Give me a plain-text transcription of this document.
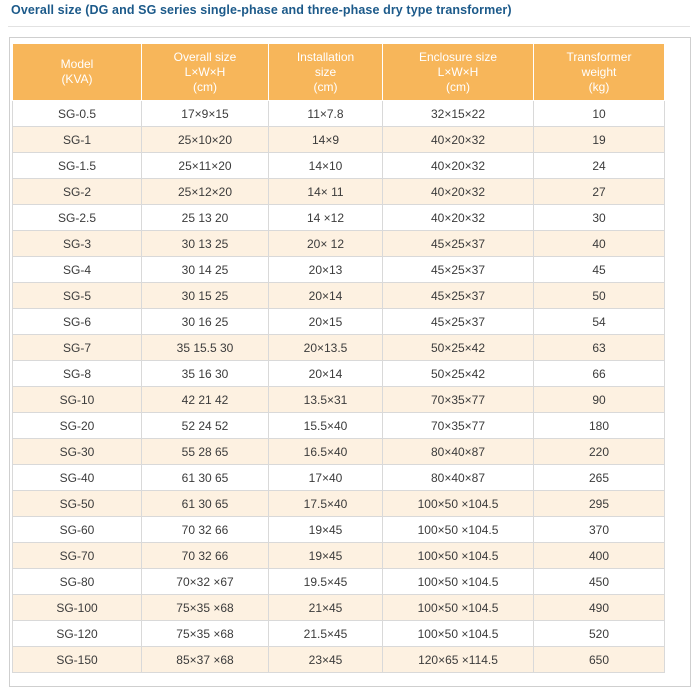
Overall size (DG and SG series single-phase and three-phase dry type transformer)
Model
(KVA)	Overall size
L×W×H
(cm)	Installation
size
(cm)	Enclosure size
L×W×H
(cm)	Transformer
weight
(kg)

SG-0.5	17×9×15	11×7.8	32×15×22	10
SG-1	25×10×20	14×9	40×20×32	19
SG-1.5	25×11×20	14×10	40×20×32	24
SG-2	25×12×20	14× 11	40×20×32	27
SG-2.5	25 13 20	14 ×12	40×20×32	30
SG-3	30 13 25	20× 12	45×25×37	40
SG-4	30 14 25	20×13	45×25×37	45
SG-5	30 15 25	20×14	45×25×37	50
SG-6	30 16 25	20×15	45×25×37	54
SG-7	35 15.5 30	20×13.5	50×25×42	63
SG-8	35 16 30	20×14	50×25×42	66
SG-10	42 21 42	13.5×31	70×35×77	90
SG-20	52 24 52	15.5×40	70×35×77	180
SG-30	55 28 65	16.5×40	80×40×87	220
SG-40	61 30 65	17×40	80×40×87	265
SG-50	61 30 65	17.5×40	100×50 ×104.5	295
SG-60	70 32 66	19×45	100×50 ×104.5	370
SG-70	70 32 66	19×45	100×50 ×104.5	400
SG-80	70×32 ×67	19.5×45	100×50 ×104.5	450
SG-100	75×35 ×68	21×45	100×50 ×104.5	490
SG-120	75×35 ×68	21.5×45	100×50 ×104.5	520
SG-150	85×37 ×68	23×45	120×65 ×114.5	650
